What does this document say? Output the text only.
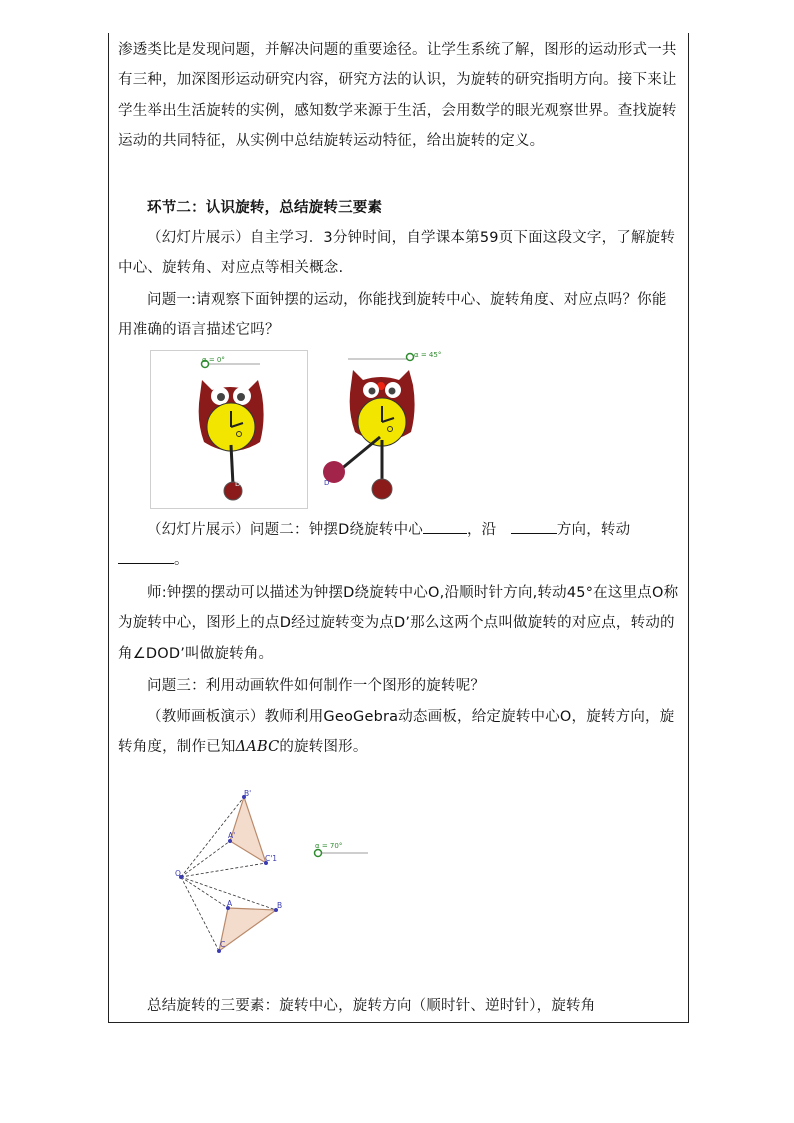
渗透类比是发现问题，并解决问题的重要途径。让学生系统了解，图形的运动形式一共有三种，加深图形运动研究内容，研究方法的认识，为旋转的研究指明方向。接下来让学生举出生活旋转的实例，感知数学来源于生活，会用数学的眼光观察世界。查找旋转运动的共同特征，从实例中总结旋转运动特征，给出旋转的定义。

环节二：认识旋转，总结旋转三要素

（幻灯片展示）自主学习．3分钟时间，自学课本第59页下面这段文字，了解旋转中心、旋转角、对应点等相关概念.

问题一:请观察下面钟摆的运动，你能找到旋转中心、旋转角度、对应点吗？你能用准确的语言描述它吗？

α = 0°
D
α = 45°
D

（幻灯片展示）问题二：钟摆D绕旋转中心	，沿	方向，转动。

师:钟摆的摆动可以描述为钟摆D绕旋转中心O,沿顺时针方向,转动45°在这里点O称为旋转中心，图形上的点D经过旋转变为点D’那么这两个点叫做旋转的对应点，转动的角∠DOD’叫做旋转角。

问题三：利用动画软件如何制作一个图形的旋转呢？

（教师画板演示）教师利用GeoGebra动态画板，给定旋转中心O，旋转方向，旋转角度，制作已知ΔABC的旋转图形。

α = 70°
O
A	B
C
A'
B'
C'1

总结旋转的三要素：旋转中心，旋转方向（顺时针、逆时针），旋转角
